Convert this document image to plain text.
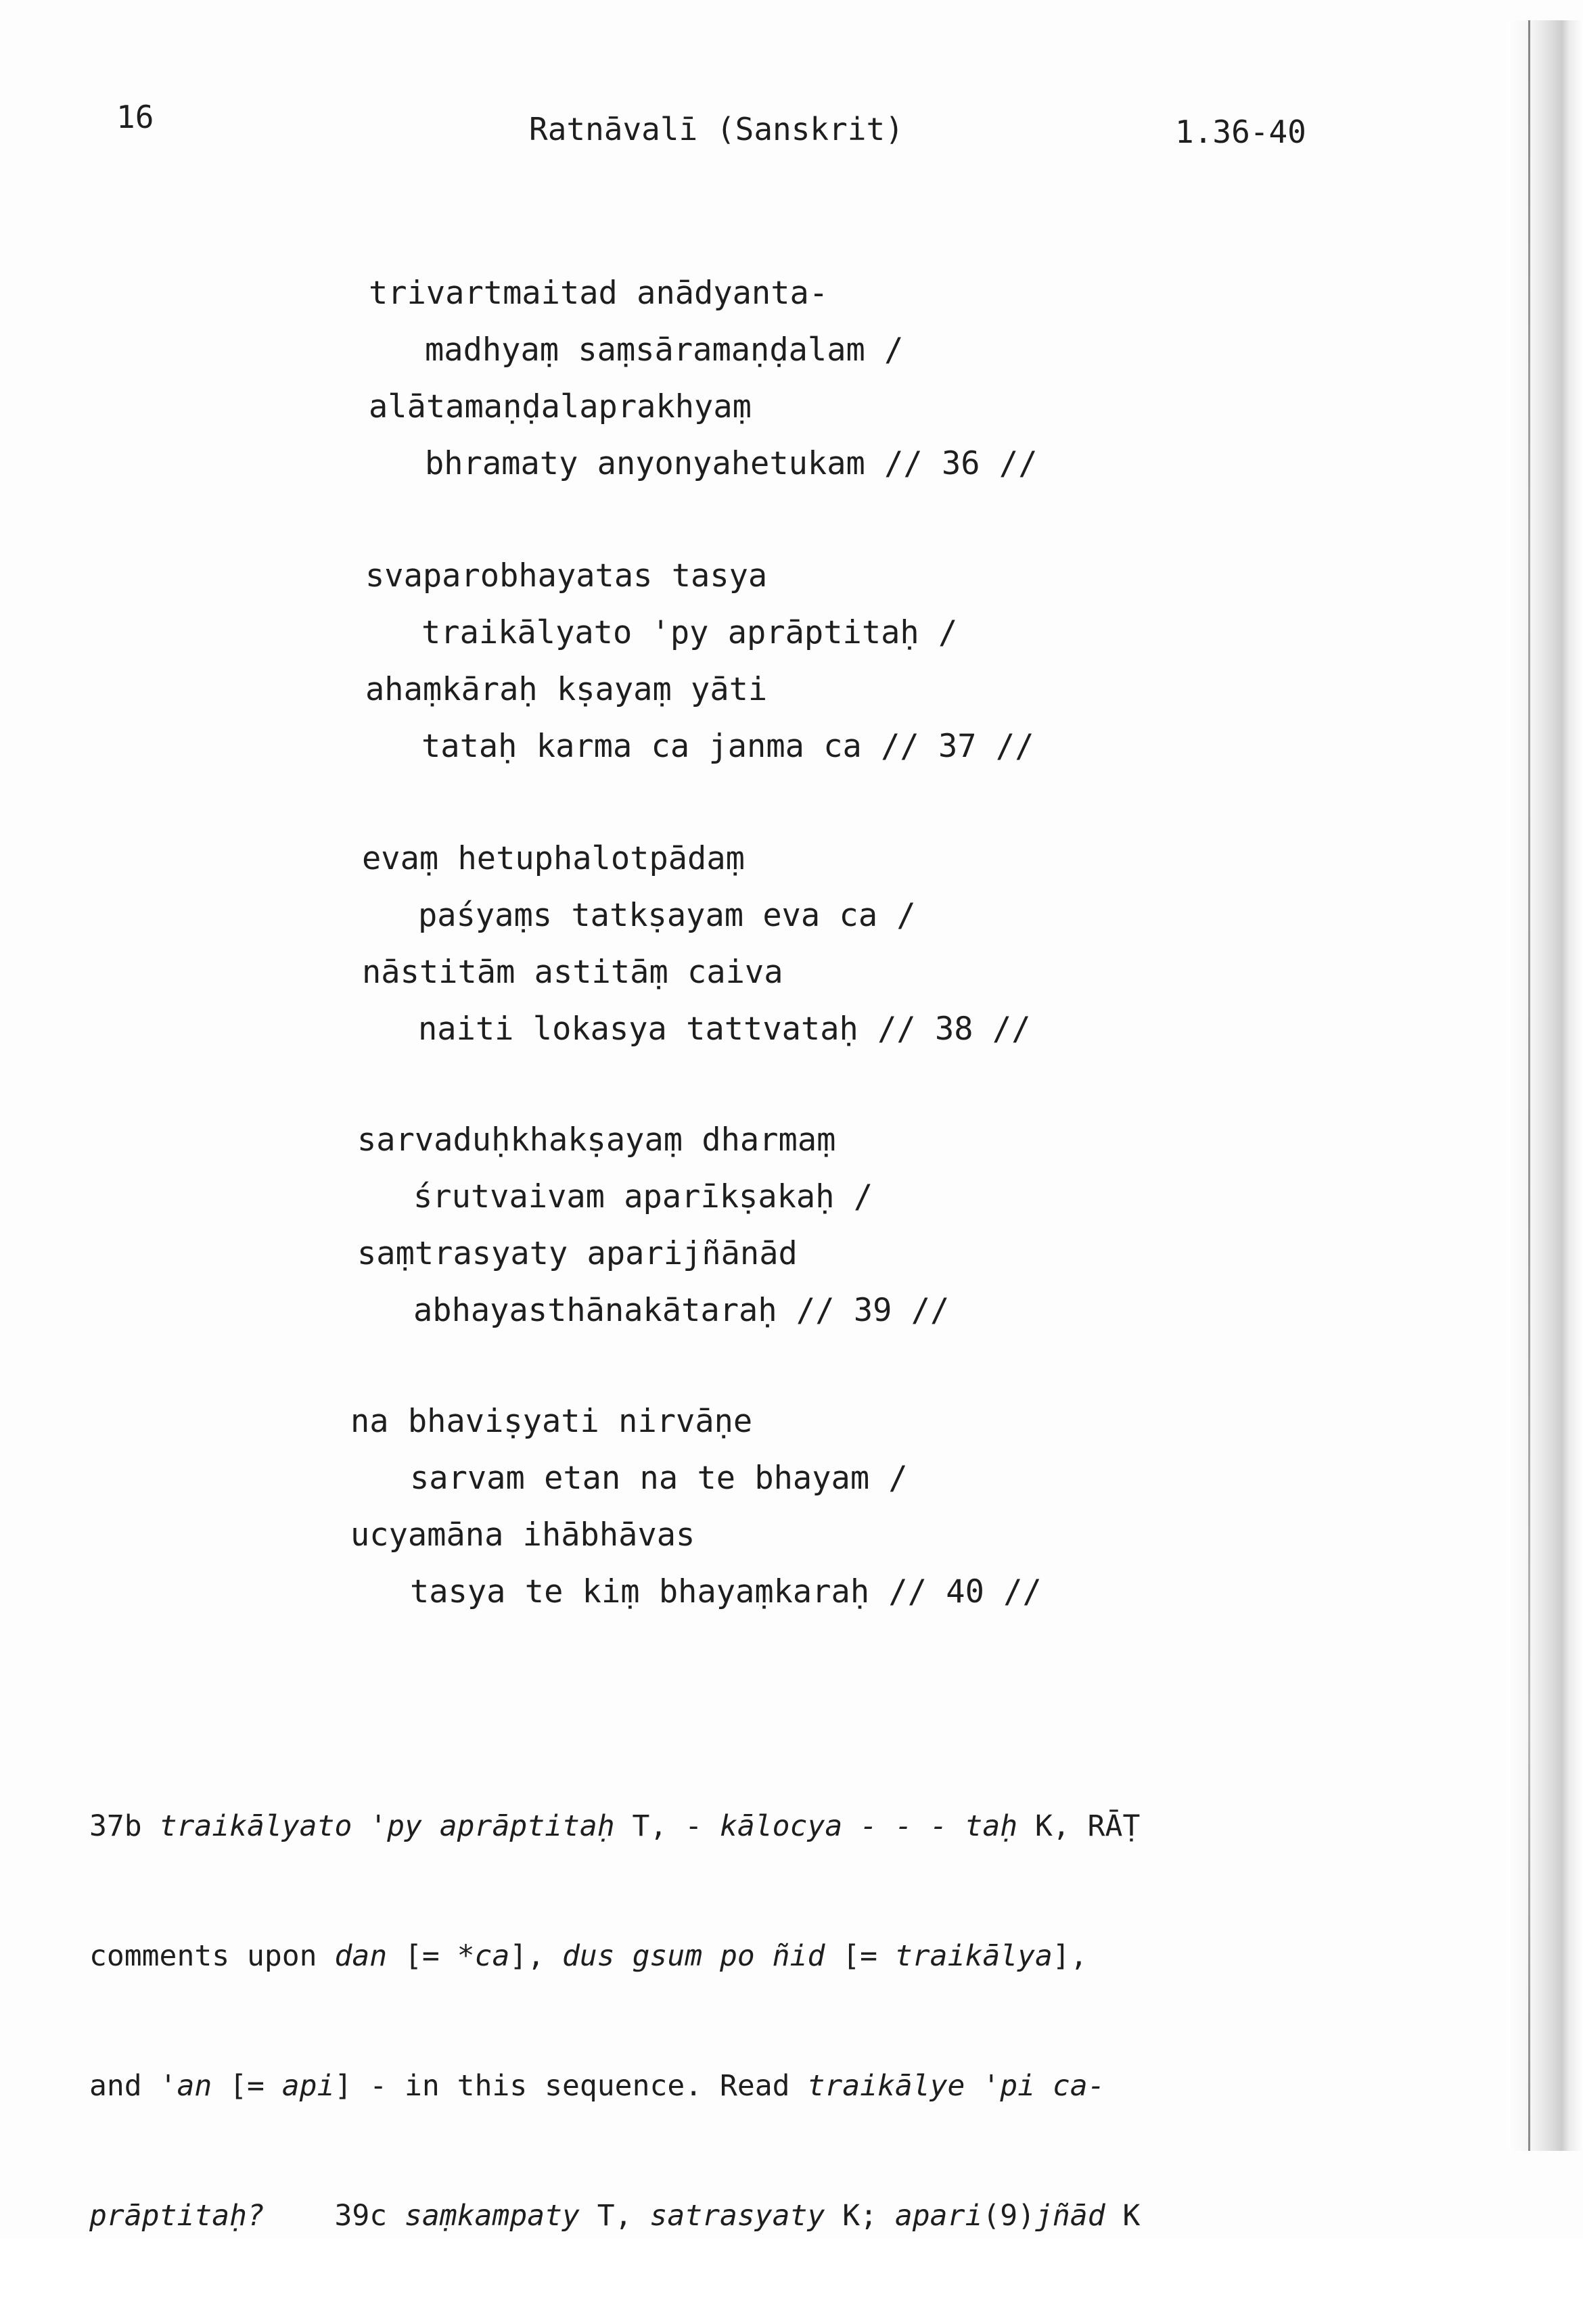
16	Ratnāvalī (Sanskrit)	1.36-40
trivartmaitad anādyanta-
madhyaṃ saṃsāramaṇḍalam /
alātamaṇḍalaprakhyaṃ
bhramaty anyonyahetukam // 36 //
svaparobhayatas tasya
traikālyato 'py aprāptitaḥ /
ahaṃkāraḥ kṣayaṃ yāti
tataḥ karma ca janma ca // 37 //
evaṃ hetuphalotpādaṃ
paśyaṃs tatkṣayam eva ca /
nāstitām astitāṃ caiva
naiti lokasya tattvataḥ // 38 //
sarvaduḥkhakṣayaṃ dharmaṃ
śrutvaivam aparīkṣakaḥ /
saṃtrasyaty aparijñānād
abhayasthānakātaraḥ // 39 //
na bhaviṣyati nirvāṇe
sarvam etan na te bhayam /
ucyamāna ihābhāvas
tasya te kiṃ bhayaṃkaraḥ // 40 //

37b traikālyato 'py aprāptitaḥ T, - kālocya - - - taḥ K, RĀṬ

comments upon dan [= *ca], dus gsum po ñid [= traikālya],

and 'an [= api] - in this sequence. Read traikālye 'pi ca-

prāptitaḥ?    39c saṃkampaty T, satrasyaty K; apari(9)jñād K
